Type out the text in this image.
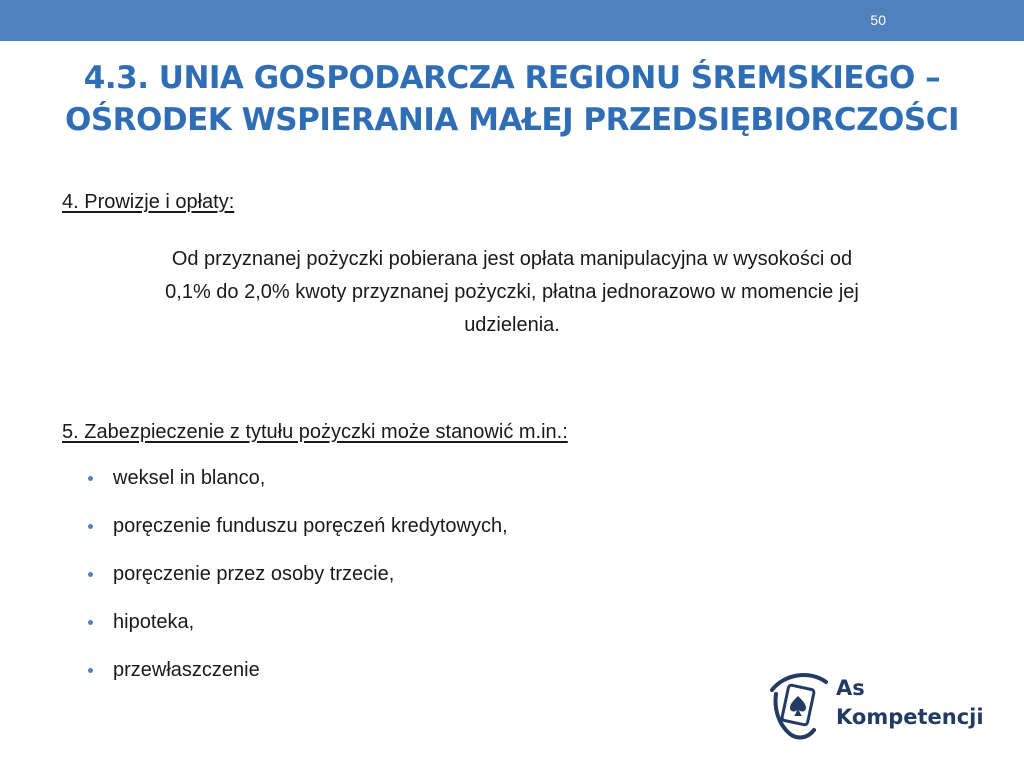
50
4.3. UNIA GOSPODARCZA REGIONU ŚREMSKIEGO –
OŚRODEK WSPIERANIA MAŁEJ PRZEDSIĘBIORCZOŚCI

4. Prowizje i opłaty:

Od przyznanej pożyczki pobierana jest opłata manipulacyjna w wysokości od
0,1% do 2,0% kwoty przyznanej pożyczki, płatna jednorazowo w momencie jej
udzielenia.

5. Zabezpieczenie z tytułu pożyczki może stanowić m.in.:

weksel in blanco,
poręczenie funduszu poręczeń kredytowych,
poręczenie przez osoby trzecie,
hipoteka,
przewłaszczenie
As
Kompetencji
